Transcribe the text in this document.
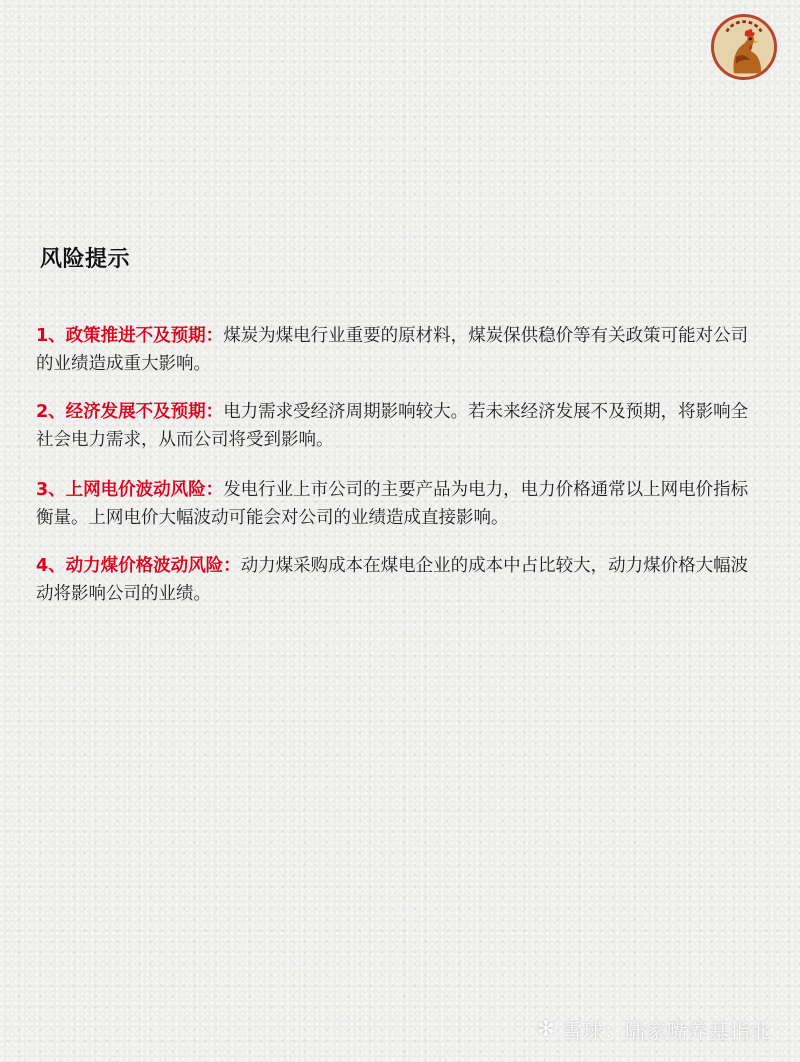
风险提示
1、政策推进不及预期：煤炭为煤电行业重要的原材料，煤炭保供稳价等有关政策可能对公司的业绩造成重大影响。
2、经济发展不及预期：电力需求受经济周期影响较大。若未来经济发展不及预期，将影响全社会电力需求，从而公司将受到影响。
3、上网电价波动风险：发电行业上市公司的主要产品为电力，电力价格通常以上网电价指标衡量。上网电价大幅波动可能会对公司的业绩造成直接影响。
4、动力煤价格波动风险：动力煤采购成本在煤电企业的成本中占比较大，动力煤价格大幅波动将影响公司的业绩。
✻ 雪球：陆家嘴养基指北
